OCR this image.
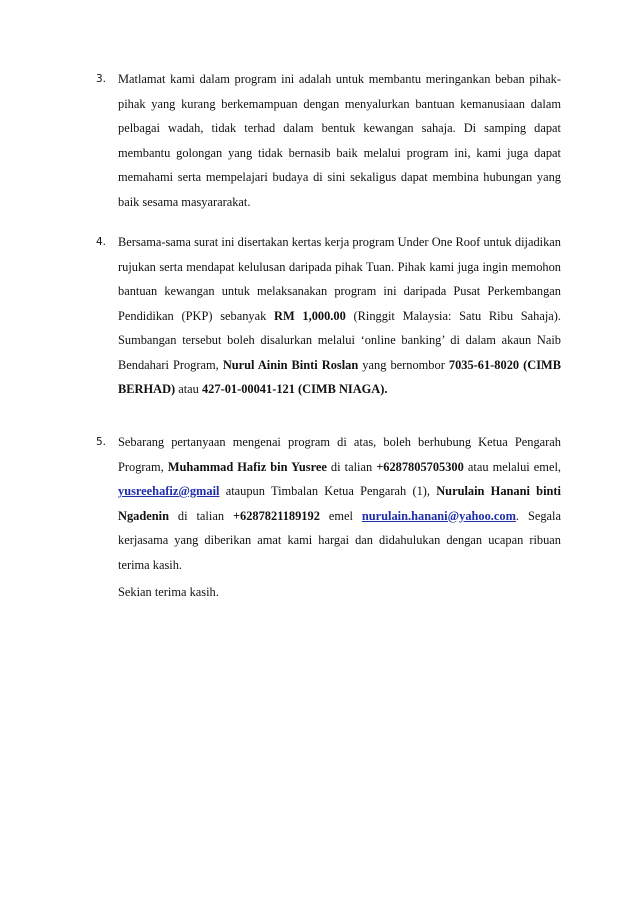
3. Matlamat kami dalam program ini adalah untuk membantu meringankan beban pihak-pihak yang kurang berkemampuan dengan menyalurkan bantuan kemanusiaan dalam pelbagai wadah, tidak terhad dalam bentuk kewangan sahaja. Di samping dapat membantu golongan yang tidak bernasib baik melalui program ini, kami juga dapat memahami serta mempelajari budaya di sini sekaligus dapat membina hubungan yang baik sesama masyararakat.

4. Bersama-sama surat ini disertakan kertas kerja program Under One Roof untuk dijadikan rujukan serta mendapat kelulusan daripada pihak Tuan. Pihak kami juga ingin memohon bantuan kewangan untuk melaksanakan program ini daripada Pusat Perkembangan Pendidikan (PKP) sebanyak RM 1,000.00 (Ringgit Malaysia: Satu Ribu Sahaja). Sumbangan tersebut boleh disalurkan melalui ‘online banking’ di dalam akaun Naib Bendahari Program, Nurul Ainin Binti Roslan yang bernombor 7035-61-8020 (CIMB BERHAD) atau 427-01-00041-121 (CIMB NIAGA).

5. Sebarang pertanyaan mengenai program di atas, boleh berhubung Ketua Pengarah Program, Muhammad Hafiz bin Yusree di talian +6287805705300 atau melalui emel, yusreehafiz@gmail ataupun Timbalan Ketua Pengarah (1), Nurulain Hanani binti Ngadenin di talian +6287821189192 emel nurulain.hanani@yahoo.com. Segala kerjasama yang diberikan amat kami hargai dan didahulukan dengan ucapan ribuan terima kasih.

Sekian terima kasih.
